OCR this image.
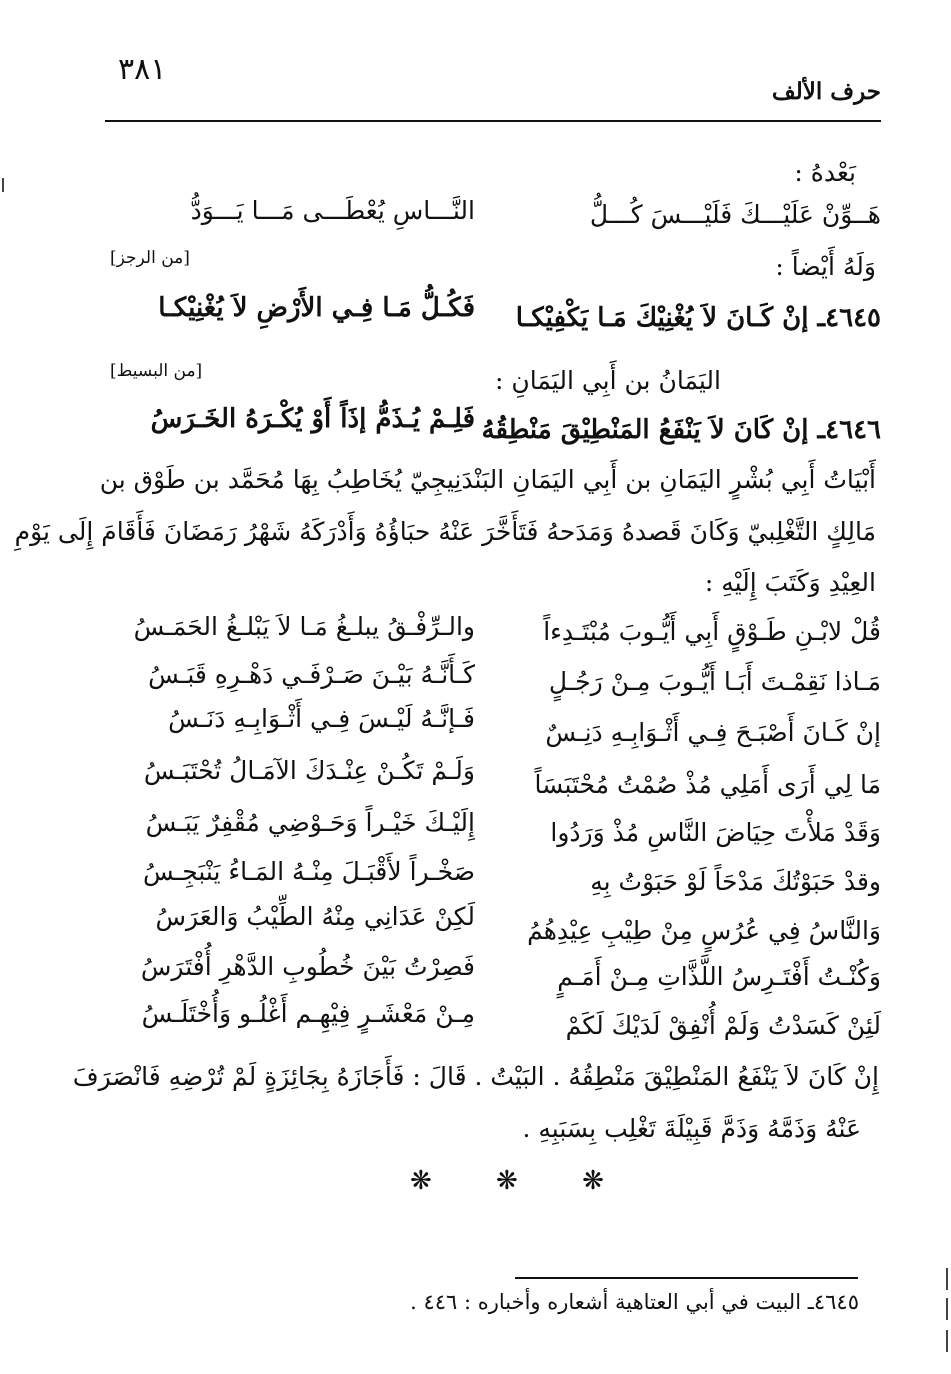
٣٨١
حرف الألف
بَعْدهُ :
هَــوِّنْ عَلَيْـــكَ فَلَيْـــسَ كُـــلُّ
النَّـــاسِ يُعْطَـــى مَـــا يَـــوَدُّ
[من الرجز]	وَلَهُ أَيْضاً :
٤٦٤٥ـ إنْ كَـانَ لاَ يُغْنِيْكَ مَـا يَكْفِيْكـا
فَكُـلُّ مَـا فِـي الأَرْضِ لاَ يُغْنِيْكـا
[من البسيط]	اليَمَانُ بن أَبِي اليَمَانِ :
٤٦٤٦ـ إنْ كَانَ لاَ يَنْفَعُ المَنْطِيْقَ مَنْطِقُهُ
فَلِـمْ يُـذَمُّ إذَاً أَوْ يُكْـرَهُ الخَـرَسُ
أَبْيَاتُ أَبِي بُشْرٍ اليَمَانِ بن أَبِي اليَمَانِ البَنْدَنِيجِيّ يُخَاطِبُ بِهَا مُحَمَّد بن طَوْق بن
مَالِكٍ التَّغْلِبيّ وَكَانَ قَصدهُ وَمَدَحهُ فَتَأَخَّرَ عَنْهُ حبَاؤُهُ وَأَدْرَكَهُ شَهْرُ رَمَضَانَ فَأَقَامَ إِلَى يَوْمِ
العِيْدِ وَكَتَبَ إِلَيْهِ :
قُلْ لابْـنِ طَـوْقٍ أَبِي أَيُّـوبَ مُبْتَـدِءاً
والـرِّفْـقُ يبلـغُ مَـا لاَ يَبْلـغُ الحَمَـسُ
مَـاذا نَقِمْـتَ أَبَـا أَيُّـوبَ مِـنْ رَجُـلٍ
كَـأَنَّـهُ بَيْـنَ صَـرْفَـي دَهْـرِهِ قَبَـسُ
إنْ كَـانَ أَصْبَـحَ فِـي أَثْـوَابِـهِ دَنِـسٌ
فَـإنَّـهُ لَيْـسَ فِـي أَثْـوَابِـهِ دَنَـسُ
مَا لِي أَرَى أَمَلِي مُذْ صُمْتُ مُحْتَبَسَاً
وَلَـمْ تَكُـنْ عِنْـدَكَ الآمَـالُ تُحْتَبَـسُ
وَقَدْ مَلأْتَ حِيَاضَ النَّاسِ مُذْ وَرَدُوا
إِلَيْـكَ خَيْـراً وَحَـوْضِي مُقْفِرٌ يَبَـسُ
وقدْ حَبَوْتُكَ مَدْحَاً لَوْ حَبَوْتُ بِهِ
صَخْـراً لأَقْبَـلَ مِنْـهُ المَـاءُ يَنْبَجِـسُ
وَالنَّاسُ فِي عُرُسٍ مِنْ طِيْبِ عِيْدِهُمُ
لَكِنْ عَدَانِي مِنْهُ الطِّيْبُ وَالعَرَسُ
وَكُنْـتُ أَفْتَـرِسُ اللَّذَّاتِ مِـنْ أَمَـمٍ
فَصِرْتُ بَيْنَ خُطُوبِ الدَّهْرِ أُفْتَرَسُ
لَئِنْ كَسَدْتُ وَلَمْ أُنْفِقْ لَدَيْكَ لَكَمْ
مِـنْ مَعْشَـرٍ فِيْهِـم أَغْلُـو وَأُخْتَلَـسُ
إِنْ كَانَ لاَ يَنْفَعُ المَنْطِيْقَ مَنْطِقُهُ . البَيْتُ . قَالَ : فَأَجَازَهُ بِجَائِزَةٍ لَمْ تُرْضِهِ فَانْصَرَفَ
عَنْهُ وَذَمَّهُ وَذَمَّ قَبِيْلَةَ تَغْلِب بِسَبَبِهِ .
❋ ❋ ❋
٤٦٤٥ـ البيت في أبي العتاهية أشعاره وأخباره : ٤٤٦ .
